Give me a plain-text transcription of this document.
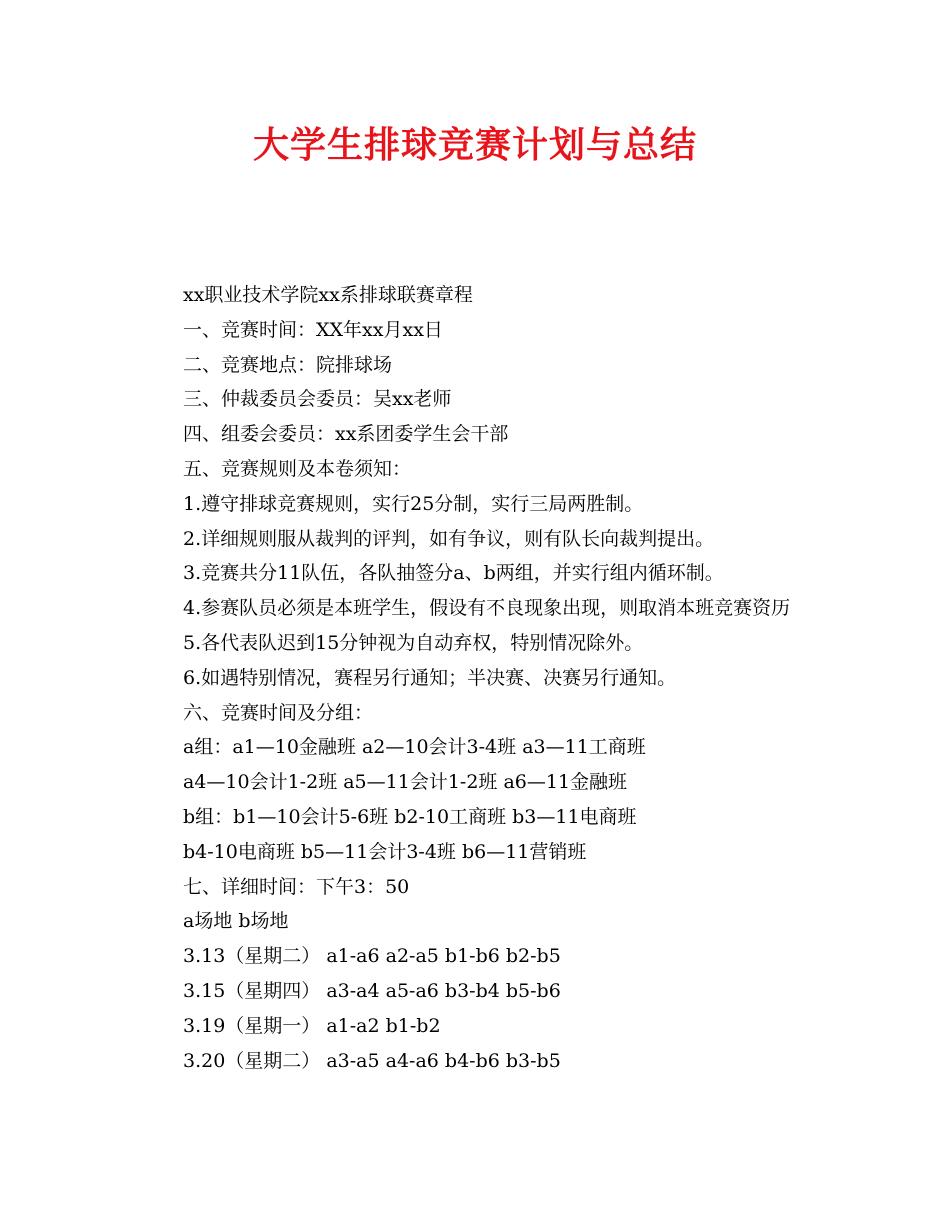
大学生排球竞赛计划与总结

xx职业技术学院xx系排球联赛章程

一、竞赛时间：XX年xx月xx日

二、竞赛地点：院排球场

三、仲裁委员会委员：吴xx老师

四、组委会委员：xx系团委学生会干部

五、竞赛规则及本卷须知：

1.遵守排球竞赛规则，实行25分制，实行三局两胜制。

2.详细规则服从裁判的评判，如有争议，则有队长向裁判提出。

3.竞赛共分11队伍，各队抽签分a、b两组，并实行组内循环制。

4.参赛队员必须是本班学生，假设有不良现象出现，则取消本班竞赛资历

5.各代表队迟到15分钟视为自动弃权，特别情况除外。

6.如遇特别情况，赛程另行通知；半决赛、决赛另行通知。

六、竞赛时间及分组：

a组：a1—10金融班 a2—10会计3-4班 a3—11工商班

a4—10会计1-2班 a5—11会计1-2班 a6—11金融班

b组：b1—10会计5-6班 b2-10工商班 b3—11电商班

b4-10电商班 b5—11会计3-4班 b6—11营销班

七、详细时间：下午3：50

a场地 b场地

3.13（星期二） a1-a6 a2-a5 b1-b6 b2-b5

3.15（星期四） a3-a4 a5-a6 b3-b4 b5-b6

3.19（星期一） a1-a2 b1-b2

3.20（星期二） a3-a5 a4-a6 b4-b6 b3-b5
